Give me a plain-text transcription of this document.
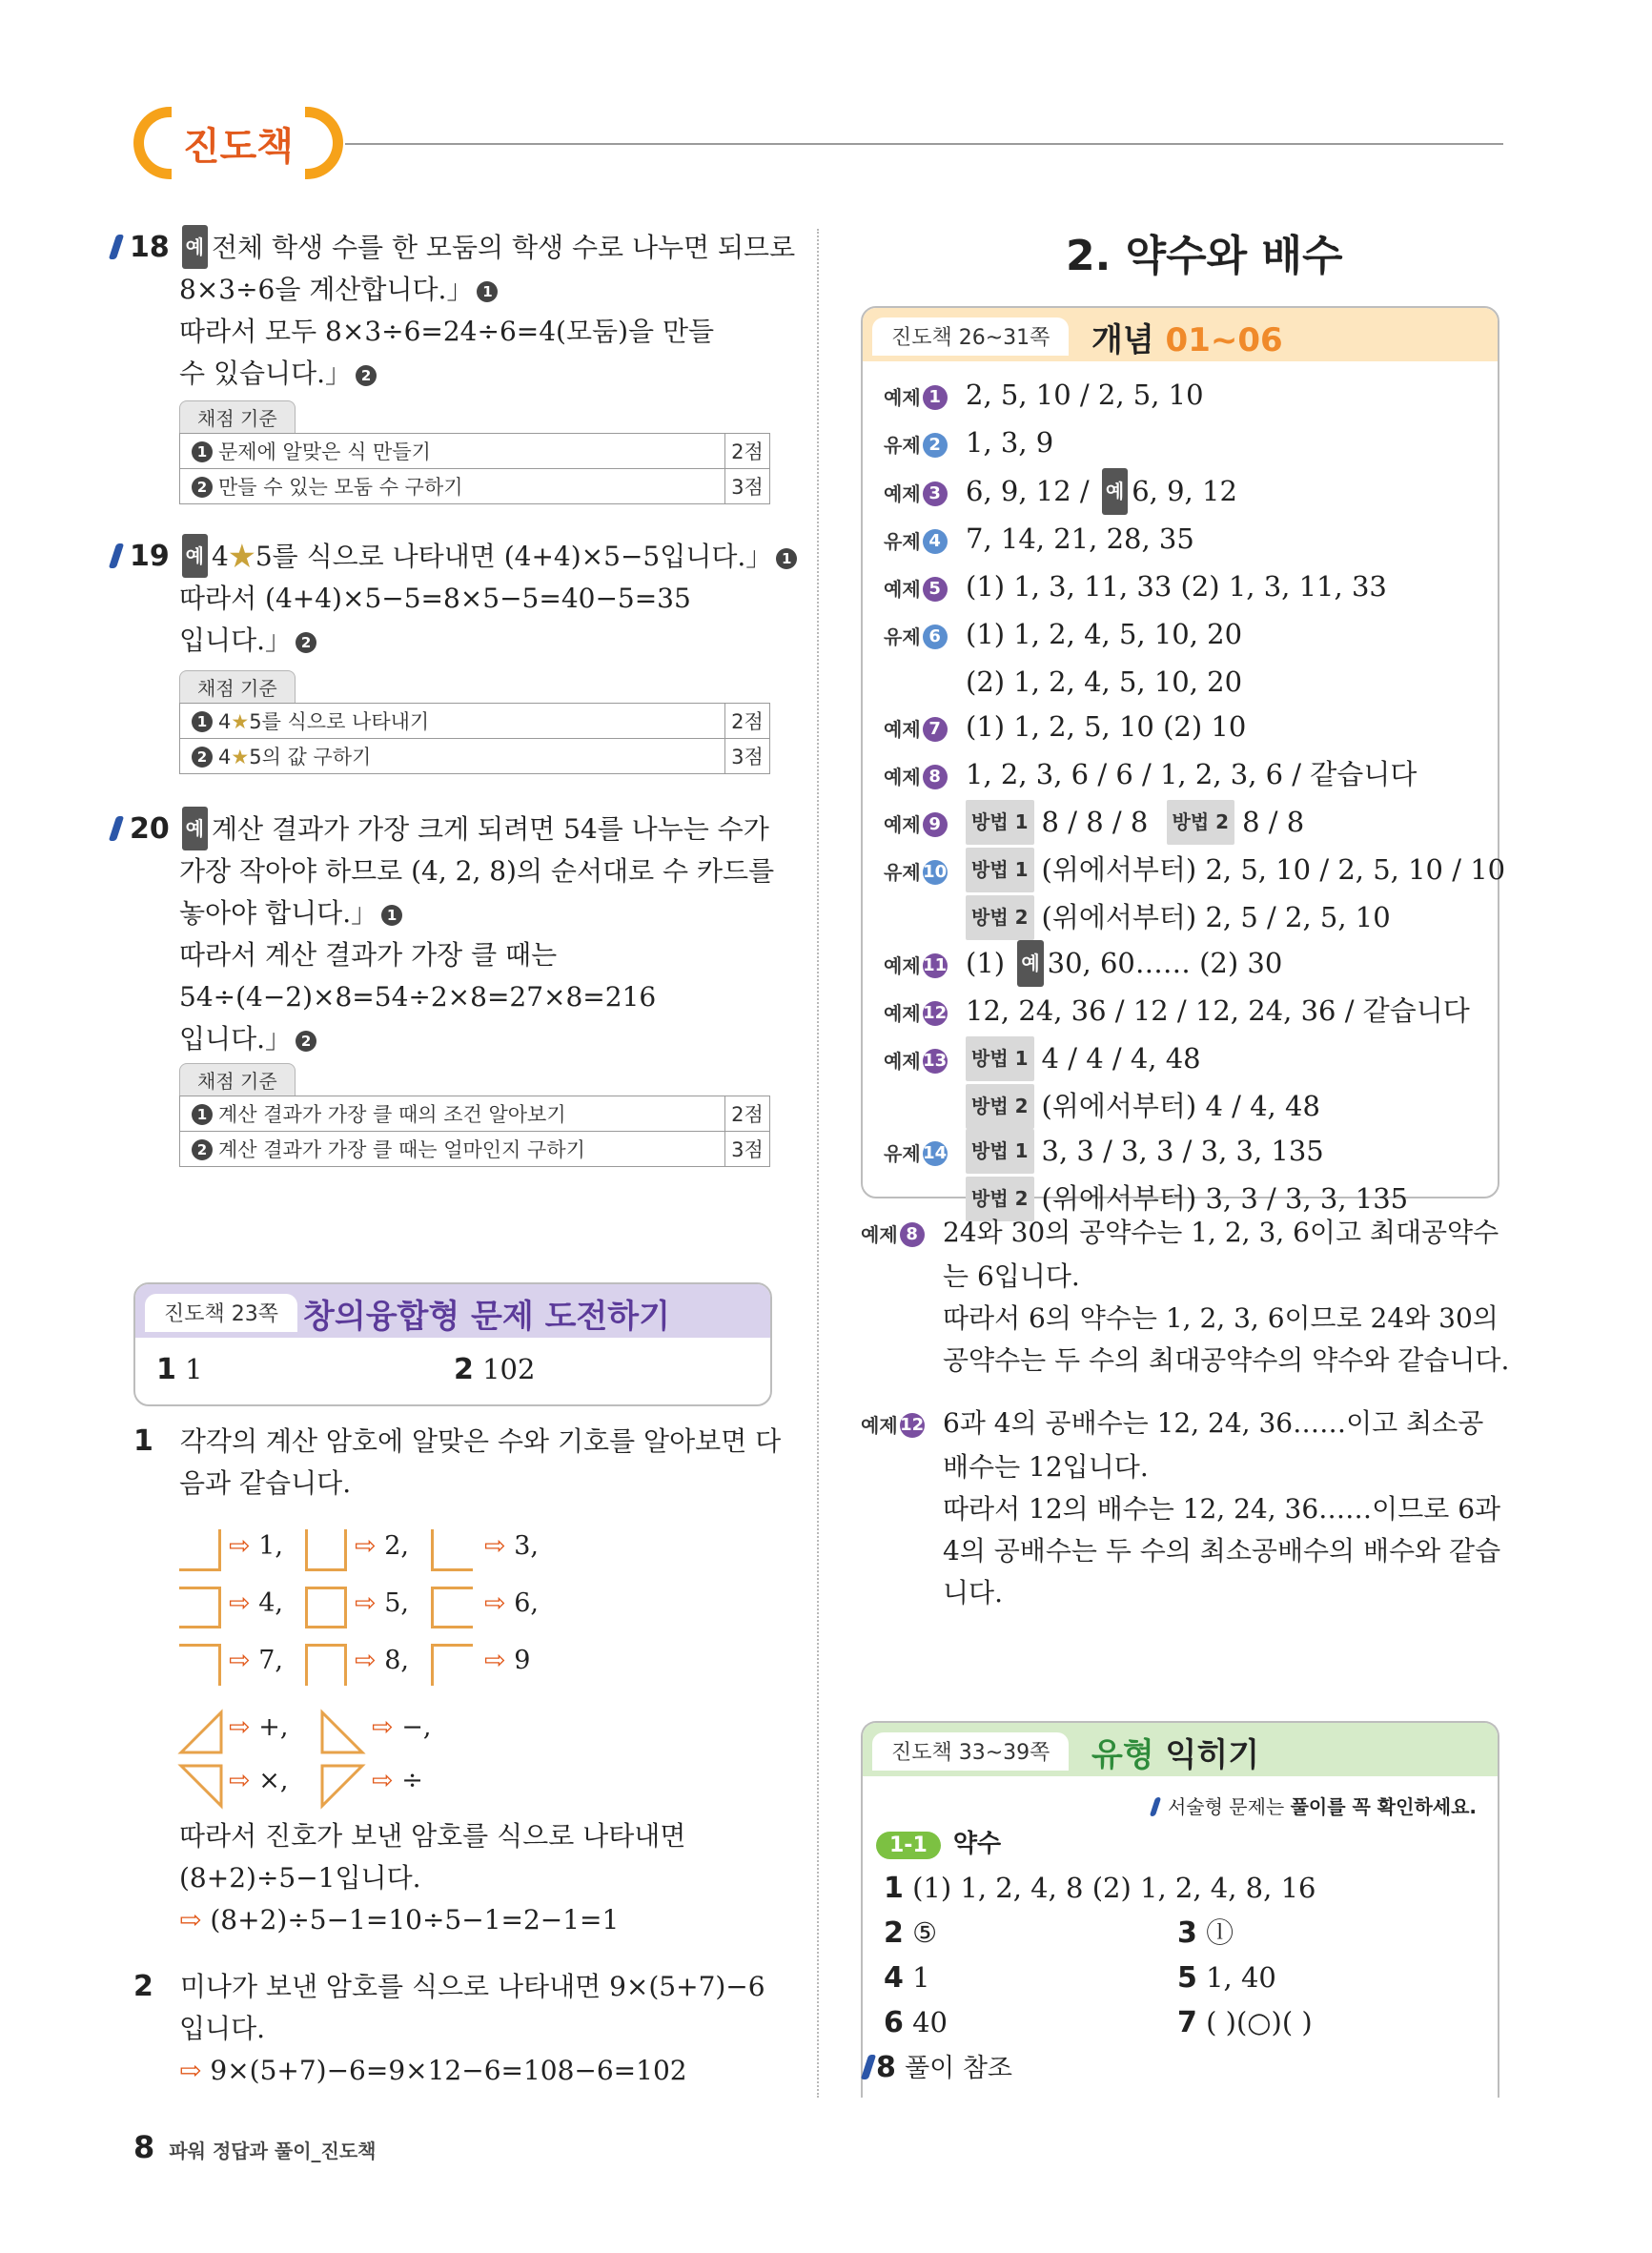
진도책
18 예 전체 학생 수를 한 모둠의 학생 수로 나누면 되므로
8×3÷6을 계산합니다.」 1
따라서 모두 8×3÷6=24÷6=4(모둠)을 만들
수 있습니다.」 2
채점 기준
1 문제에 알맞은 식 만들기	2점
2 만들 수 있는 모둠 수 구하기	3점
19 예 4★5를 식으로 나타내면 (4+4)×5−5입니다.」 1
따라서 (4+4)×5−5=8×5−5=40−5=35
입니다.」 2
채점 기준
1 4★5를 식으로 나타내기	2점
2 4★5의 값 구하기	3점
20 예 계산 결과가 가장 크게 되려면 54를 나누는 수가
가장 작아야 하므로 (4, 2, 8)의 순서대로 수 카드를
놓아야 합니다.」 1
따라서 계산 결과가 가장 클 때는
54÷(4−2)×8=54÷2×8=27×8=216
입니다.」 2
채점 기준
1 계산 결과가 가장 클 때의 조건 알아보기	2점
2 계산 결과가 가장 클 때는 얼마인지 구하기	3점
진도책 23쪽 창의융합형 문제 도전하기
1 1	2 102
1 각각의 계산 암호에 알맞은 수와 기호를 알아보면 다
음과 같습니다.
⇨ 1,	⇨ 2,	⇨ 3,
⇨ 4,	⇨ 5,	⇨ 6,
⇨ 7,	⇨ 8,	⇨ 9
⇨ +,	⇨ −,
⇨ ×,	⇨ ÷
따라서 진호가 보낸 암호를 식으로 나타내면
(8+2)÷5−1입니다.
⇨ (8+2)÷5−1=10÷5−1=2−1=1
2 미나가 보낸 암호를 식으로 나타내면 9×(5+7)−6
입니다.
⇨ 9×(5+7)−6=9×12−6=108−6=102
8 파워 정답과 풀이_진도책
2. 약수와 배수
진도책 26~31쪽	개념 01~06
예제 1 2, 5, 10 / 2, 5, 10
유제 2 1, 3, 9
예제 3 6, 9, 12 / 예 6, 9, 12
유제 4 7, 14, 21, 28, 35
예제 5 (1) 1, 3, 11, 33 (2) 1, 3, 11, 33
유제 6 (1) 1, 2, 4, 5, 10, 20
(2) 1, 2, 4, 5, 10, 20
예제 7 (1) 1, 2, 5, 10 (2) 10
예제 8 1, 2, 3, 6 / 6 / 1, 2, 3, 6 / 같습니다
예제 9 방법 1 8 / 8 / 8 방법 2 8 / 8
유제 10 방법 1 (위에서부터) 2, 5, 10 / 2, 5, 10 / 10
방법 2 (위에서부터) 2, 5 / 2, 5, 10
예제 11 (1) 예 30, 60…… (2) 30
예제 12 12, 24, 36 / 12 / 12, 24, 36 / 같습니다
예제 13 방법 1 4 / 4 / 4, 48
방법 2 (위에서부터) 4 / 4, 48
유제 14 방법 1 3, 3 / 3, 3 / 3, 3, 135
방법 2 (위에서부터) 3, 3 / 3, 3, 135
예제 8 24와 30의 공약수는 1, 2, 3, 6이고 최대공약수
는 6입니다.
따라서 6의 약수는 1, 2, 3, 6이므로 24와 30의
공약수는 두 수의 최대공약수의 약수와 같습니다.
예제 12 6과 4의 공배수는 12, 24, 36……이고 최소공
배수는 12입니다.
따라서 12의 배수는 12, 24, 36……이므로 6과
4의 공배수는 두 수의 최소공배수의 배수와 같습
니다.
진도책 33~39쪽	유형 익히기
서술형 문제는 풀이를 꼭 확인하세요.
1-1 약수
1 (1) 1, 2, 4, 8 (2) 1, 2, 4, 8, 16
2 ⑤	3 ⓛ
4 1	5 1, 40
6 40	7 ( )(○)( )
8 풀이 참조
